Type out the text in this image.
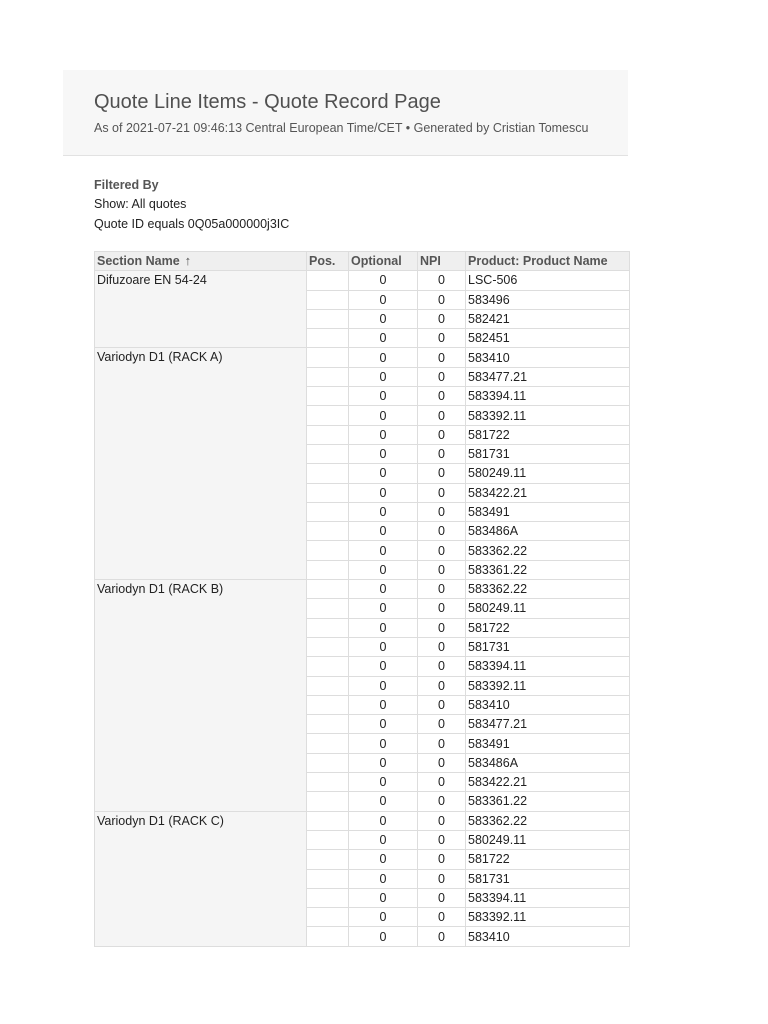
Quote Line Items - Quote Record Page
As of 2021-07-21 09:46:13 Central European Time/CET • Generated by Cristian Tomescu
Filtered By
Show: All quotes
Quote ID equals 0Q05a000000j3IC
Section Name ↑	Pos.	Optional	NPI	Product: Product Name
Difuzoare EN 54-24		0	0	LSC-506
		0	0	583496
		0	0	582421
		0	0	582451
Variodyn D1 (RACK A)		0	0	583410
		0	0	583477.21
		0	0	583394.11
		0	0	583392.11
		0	0	581722
		0	0	581731
		0	0	580249.11
		0	0	583422.21
		0	0	583491
		0	0	583486A
		0	0	583362.22
		0	0	583361.22
Variodyn D1 (RACK B)		0	0	583362.22
		0	0	580249.11
		0	0	581722
		0	0	581731
		0	0	583394.11
		0	0	583392.11
		0	0	583410
		0	0	583477.21
		0	0	583491
		0	0	583486A
		0	0	583422.21
		0	0	583361.22
Variodyn D1 (RACK C)		0	0	583362.22
		0	0	580249.11
		0	0	581722
		0	0	581731
		0	0	583394.11
		0	0	583392.11
		0	0	583410
